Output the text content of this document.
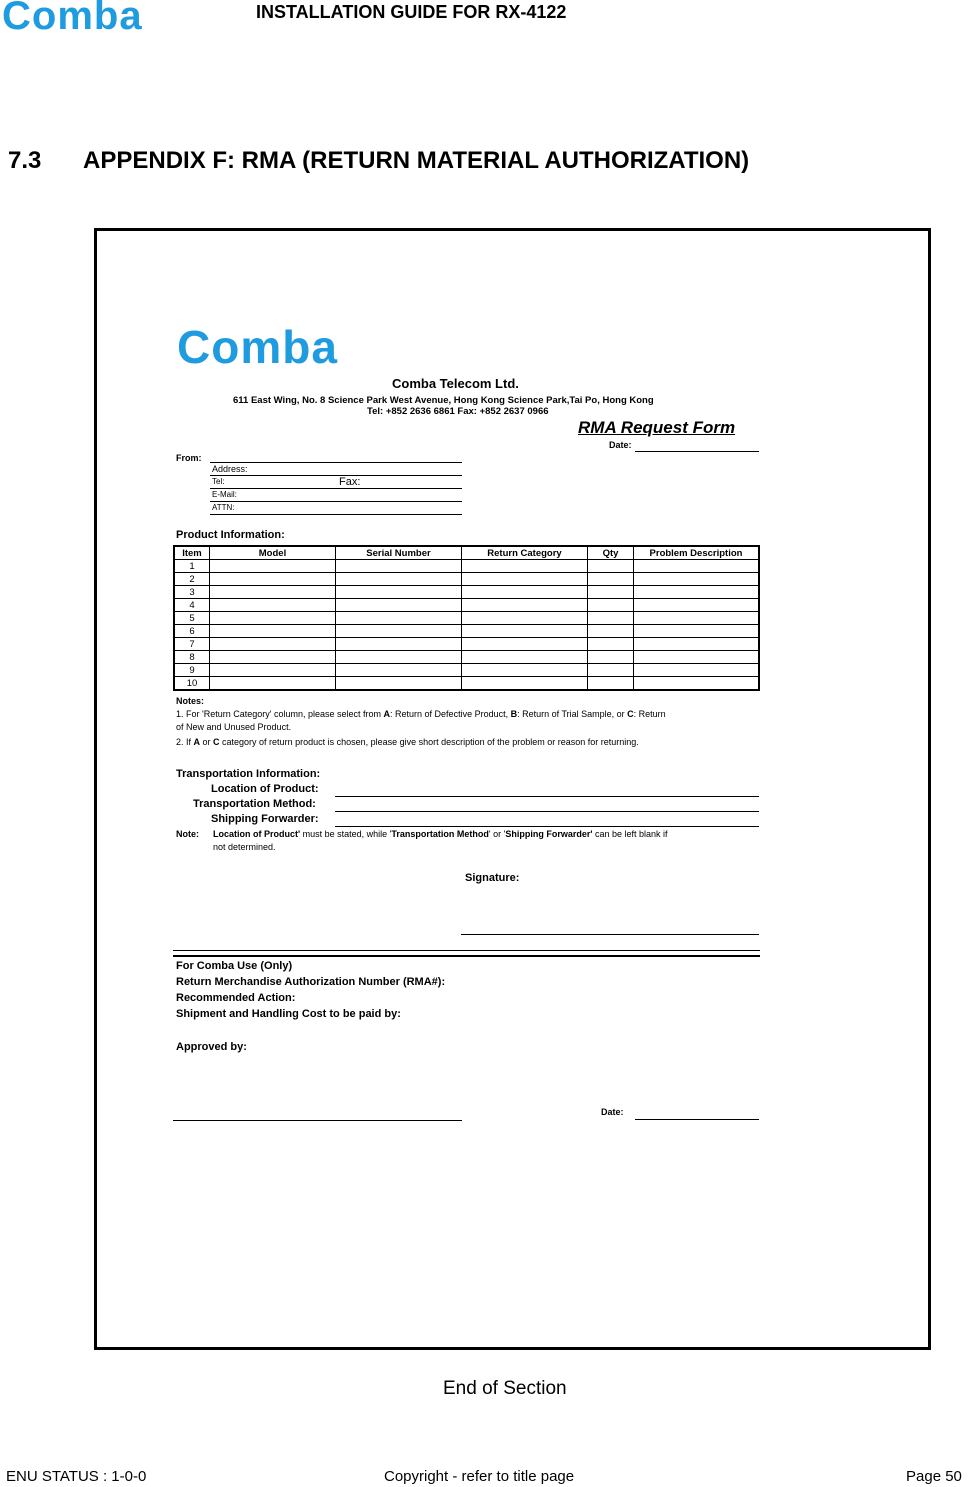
Comba	INSTALLATION GUIDE FOR RX-4122
7.3 APPENDIX F: RMA (RETURN MATERIAL AUTHORIZATION)
Comba
Comba Telecom Ltd.
611 East Wing, No. 8 Science Park West Avenue, Hong Kong Science Park,Tai Po, Hong Kong
Tel: +852 2636 6861 Fax: +852 2637 0966
RMA Request Form
Date:
From:
Address:
Tel:	Fax:
E-Mail:
ATTN:
Product Information:
Item	Model	Serial Number	Return Category	Qty	Problem Description
1					
2					
3					
4					
5					
6					
7					
8					
9					
10					
Notes:
1. For 'Return Category' column, please select from A: Return of Defective Product, B: Return of Trial Sample, or C: Return
of New and Unused Product.
2. If A or C category of return product is chosen, please give short description of the problem or reason for returning.
Transportation Information:
Location of Product:
Transportation Method:
Shipping Forwarder:
Note: Location of Product' must be stated, while 'Transportation Method' or 'Shipping Forwarder' can be left blank if
not determined.
Signature:
For Comba Use (Only)
Return Merchandise Authorization Number (RMA#):
Recommended Action:
Shipment and Handling Cost to be paid by:
Approved by:
Date:
End of Section
ENU STATUS : 1-0-0	Copyright - refer to title page	Page 50
